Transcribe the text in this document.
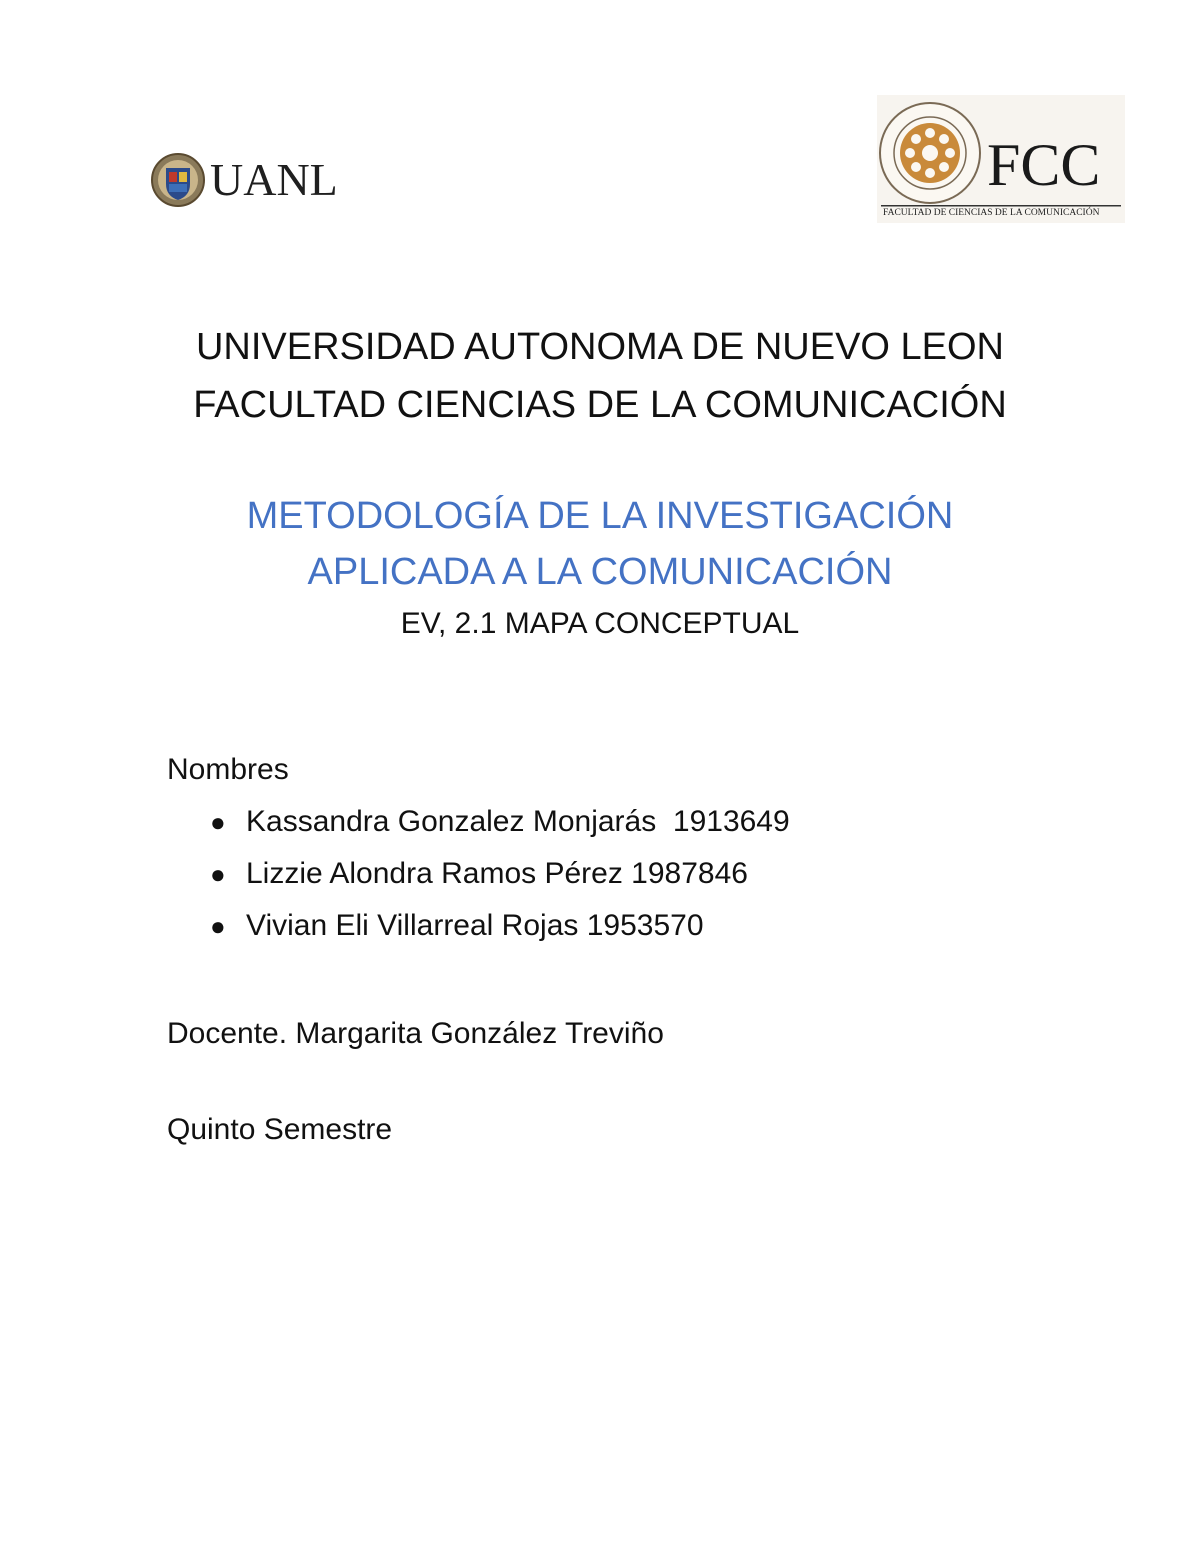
UANL	FCC
FACULTAD DE CIENCIAS DE LA COMUNICACIÓN
UNIVERSIDAD AUTONOMA DE NUEVO LEON
FACULTAD CIENCIAS DE LA COMUNICACIÓN
METODOLOGÍA DE LA INVESTIGACIÓN
APLICADA A LA COMUNICACIÓN
EV, 2.1 MAPA CONCEPTUAL
Nombres
● Kassandra Gonzalez Monjarás  1913649
● Lizzie Alondra Ramos Pérez 1987846
● Vivian Eli Villarreal Rojas 1953570
Docente. Margarita González Treviño
Quinto Semestre
